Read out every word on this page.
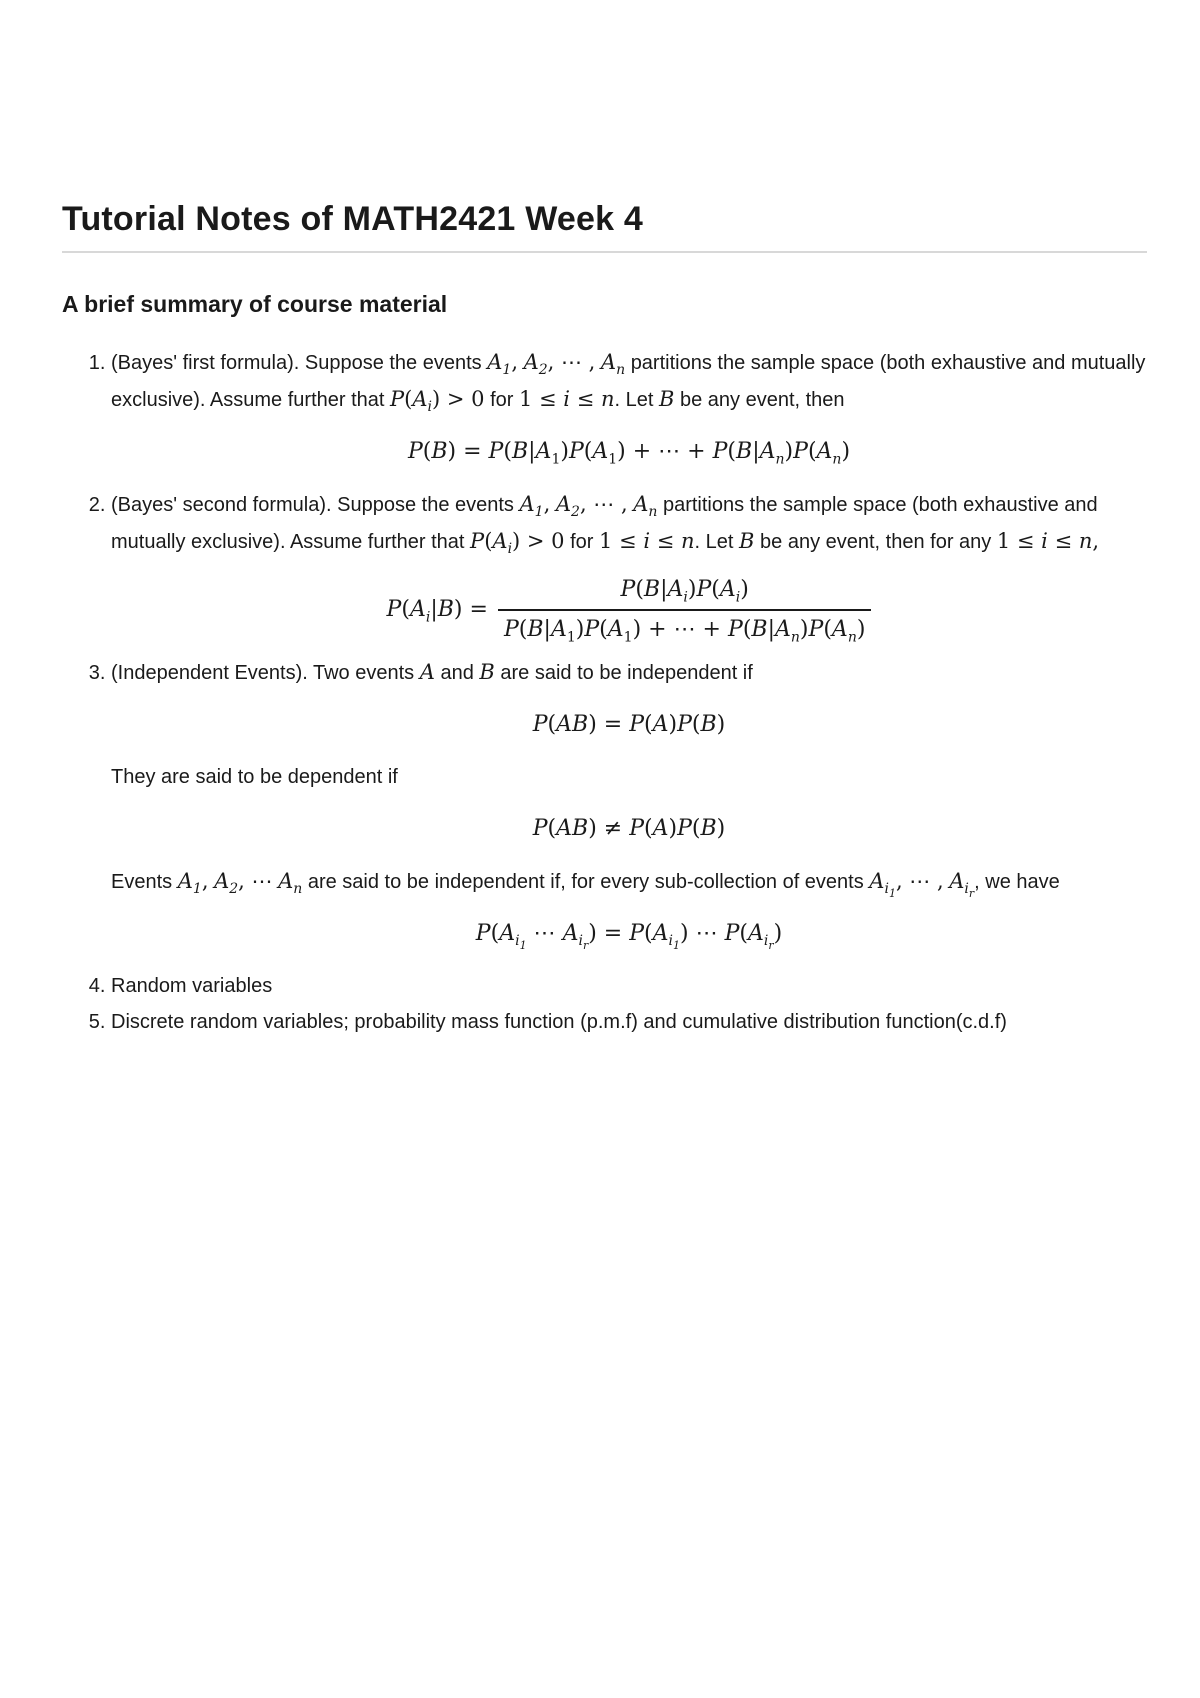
Tutorial Notes of MATH2421 Week 4
A brief summary of course material
1. (Bayes' first formula). Suppose the events $A_1$, $A_2$, ⋯ , $A_n$ partitions the sample space (both exhaustive and mutually exclusive). Assume further that $P(A_i) > 0$ for 1 ≤ i ≤ n. Let B be any event, then
$P(B) = P(B|A_1)P(A_1)$ + ⋯ + $P(B|A_n)P(A_n)$
2. (Bayes' second formula). Suppose the events $A_1$, $A_2$, ⋯ , $A_n$ partitions the sample space (both exhaustive and mutually exclusive). Assume further that $P(A_i) > 0$ for 1 ≤ i ≤ n. Let B be any event, then for any 1 ≤ i ≤ n,
$P(A_i|B) = \frac{P(B|A_i)P(A_i)}{P(B|A_1)P(A_1) + \cdots + P(B|A_n)P(A_n)}$
3. (Independent Events). Two events A and B are said to be independent if
P(AB) = P(A)P(B)
They are said to be dependent if
P(AB) ≠ P(A)P(B)
Events $A_1$, $A_2$, ⋯ $A_n$ are said to be independent if, for every sub-collection of events $A_{i_1}$, ⋯ , $A_{i_r}$, we have
$P(A_{i_1}$ ⋯ $A_{i_r}) = P(A_{i_1})$ ⋯ $P(A_{i_r})$
4. Random variables
5. Discrete random variables; probability mass function (p.m.f) and cumulative distribution function(c.d.f)
